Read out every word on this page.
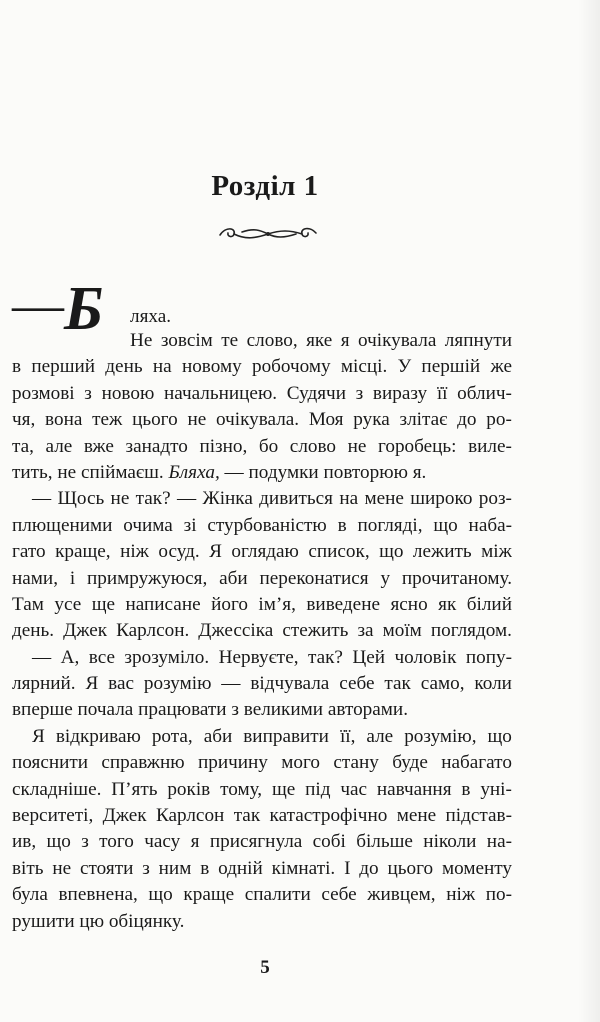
Розділ 1
— Б ляха.
Не зовсім те слово, яке я очікувала ляпнути
в перший день на новому робочому місці. У першій же
розмові з новою начальницею. Судячи з виразу її облич-
чя, вона теж цього не очікувала. Моя рука злітає до ро-
та, але вже занадто пізно, бо слово не горобець: виле-
тить, не спіймаєш.
Бляха,
— подумки повторюю я.
— Щось не так? — Жінка дивиться на мене широко роз-
плющеними очима зі стурбованістю в погляді, що наба-
гато краще, ніж осуд. Я оглядаю список, що лежить між
нами, і примружуюся, аби переконатися у прочитаному.
Там усе ще написане його ім’я, виведене ясно як білий
день. Джек Карлсон. Джессіка стежить за моїм поглядом.
— А, все зрозуміло. Нервуєте, так? Цей чоловік попу-
лярний. Я вас розумію — відчувала себе так само, коли
вперше почала працювати з великими авторами.
Я відкриваю рота, аби виправити її, але розумію, що
пояснити справжню причину мого стану буде набагато
складніше. П’ять років тому, ще під час навчання в уні-
верситеті, Джек Карлсон так катастрофічно мене підстав-
ив, що з того часу я присягнула собі більше ніколи на-
віть не стояти з ним в одній кімнаті. І до цього моменту
була впевнена, що краще спалити себе живцем, ніж по-
рушити цю обіцянку.
5
